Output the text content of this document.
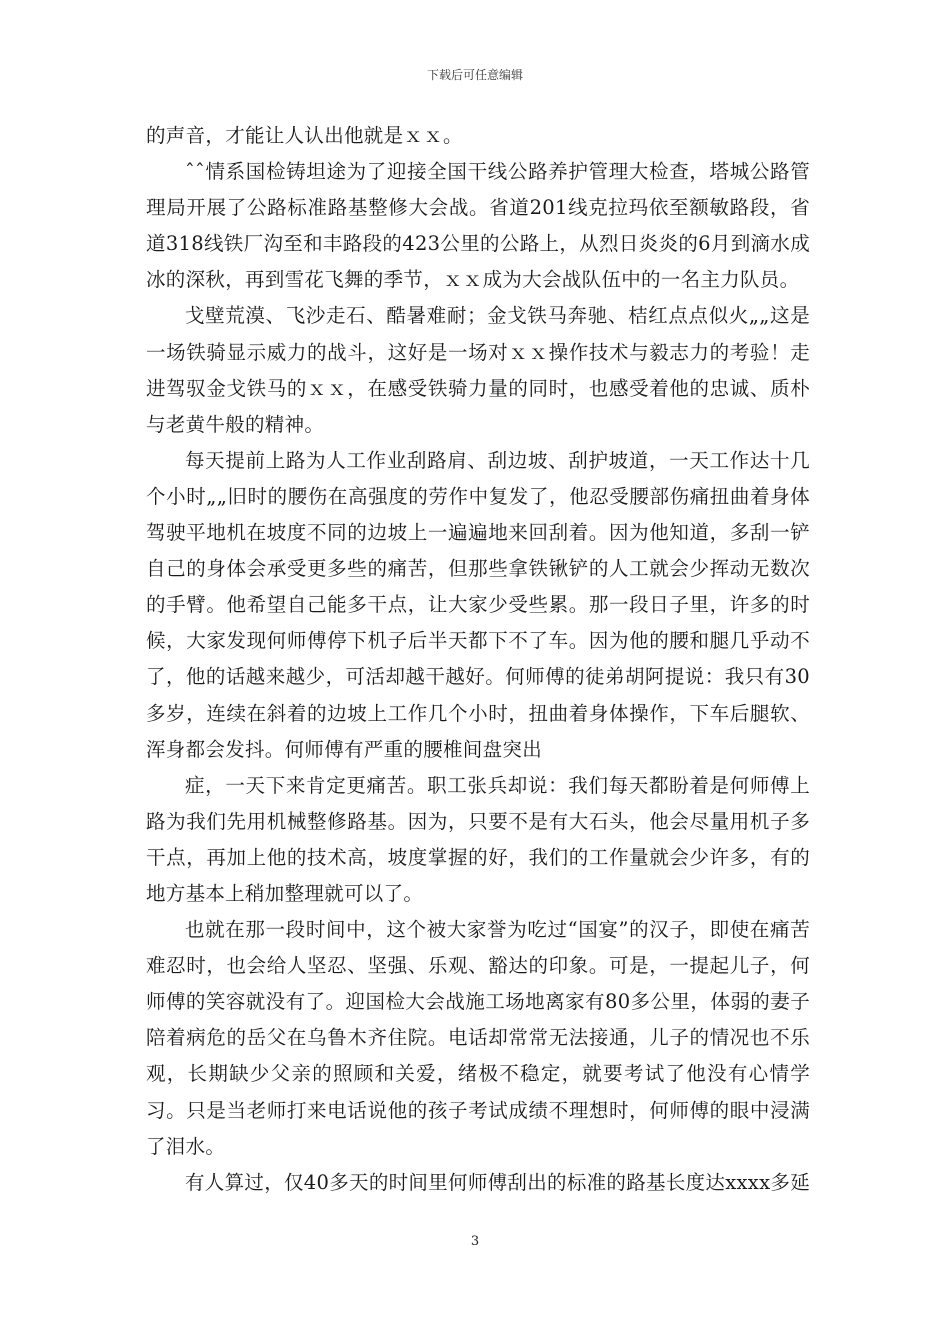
下载后可任意编辑

的声音，才能让人认出他就是ｘｘ。

ˆˆ情系国检铸坦途为了迎接全国干线公路养护管理大检查，塔城公路管理局开展了公路标准路基整修大会战。省道201线克拉玛依至额敏路段，省道318线铁厂沟至和丰路段的423公里的公路上，从烈日炎炎的6月到滴水成冰的深秋，再到雪花飞舞的季节，ｘｘ成为大会战队伍中的一名主力队员。

戈壁荒漠、飞沙走石、酷暑难耐；金戈铁马奔驰、桔红点点似火„„这是一场铁骑显示威力的战斗，这好是一场对ｘｘ操作技术与毅志力的考验！走进驾驭金戈铁马的ｘｘ，在感受铁骑力量的同时，也感受着他的忠诚、质朴与老黄牛般的精神。

每天提前上路为人工作业刮路肩、刮边坡、刮护坡道，一天工作达十几个小时„„旧时的腰伤在高强度的劳作中复发了，他忍受腰部伤痛扭曲着身体驾驶平地机在坡度不同的边坡上一遍遍地来回刮着。因为他知道，多刮一铲自己的身体会承受更多些的痛苦，但那些拿铁锹铲的人工就会少挥动无数次的手臂。他希望自己能多干点，让大家少受些累。那一段日子里，许多的时候，大家发现何师傅停下机子后半天都下不了车。因为他的腰和腿几乎动不了，他的话越来越少，可活却越干越好。何师傅的徒弟胡阿提说：我只有30多岁，连续在斜着的边坡上工作几个小时，扭曲着身体操作，下车后腿软、浑身都会发抖。何师傅有严重的腰椎间盘突出

症，一天下来肯定更痛苦。职工张兵却说：我们每天都盼着是何师傅上路为我们先用机械整修路基。因为，只要不是有大石头，他会尽量用机子多干点，再加上他的技术高，坡度掌握的好，我们的工作量就会少许多，有的地方基本上稍加整理就可以了。

也就在那一段时间中，这个被大家誉为吃过“国宴”的汉子，即使在痛苦难忍时，也会给人坚忍、坚强、乐观、豁达的印象。可是，一提起儿子，何师傅的笑容就没有了。迎国检大会战施工场地离家有80多公里，体弱的妻子陪着病危的岳父在乌鲁木齐住院。电话却常常无法接通，儿子的情况也不乐观，长期缺少父亲的照顾和关爱，绪极不稳定，就要考试了他没有心情学习。只是当老师打来电话说他的孩子考试成绩不理想时，何师傅的眼中浸满了泪水。

有人算过，仅40多天的时间里何师傅刮出的标准的路基长度达xxxx多延

3
